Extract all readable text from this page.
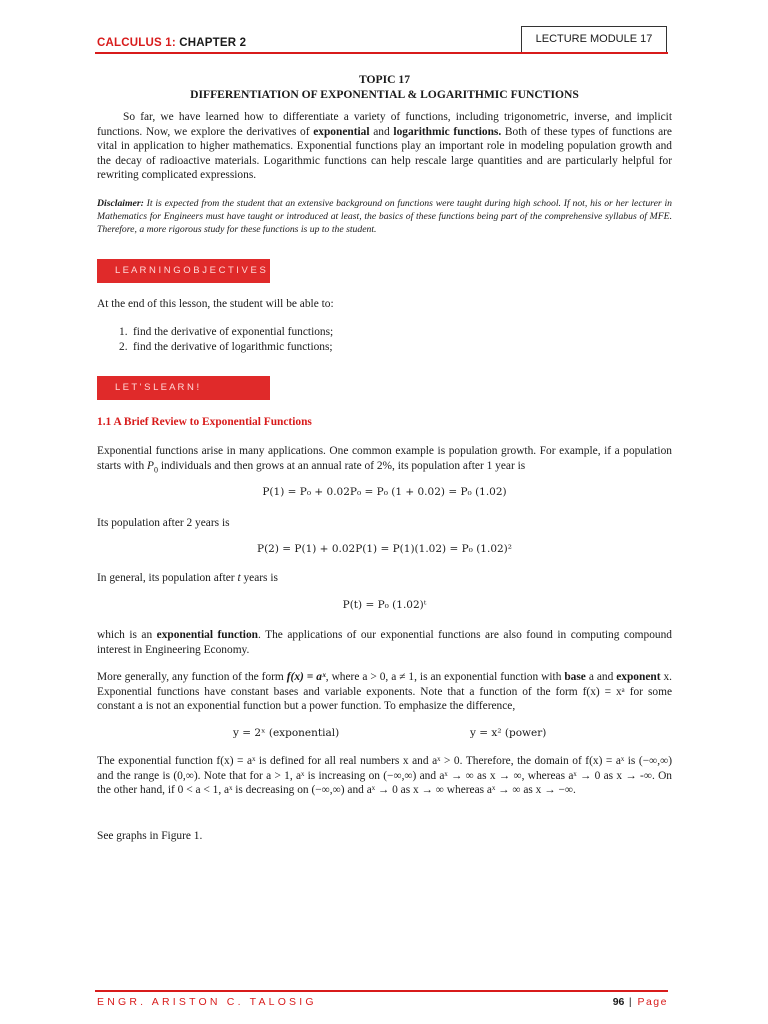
CALCULUS 1: CHAPTER 2	LECTURE MODULE 17
TOPIC 17
DIFFERENTIATION OF EXPONENTIAL & LOGARITHMIC FUNCTIONS
So far, we have learned how to differentiate a variety of functions, including trigonometric, inverse, and implicit functions. Now, we explore the derivatives of exponential and logarithmic functions. Both of these types of functions are vital in application to higher mathematics. Exponential functions play an important role in modeling population growth and the decay of radioactive materials. Logarithmic functions can help rescale large quantities and are particularly helpful for rewriting complicated expressions.
Disclaimer: It is expected from the student that an extensive background on functions were taught during high school. If not, his or her lecturer in Mathematics for Engineers must have taught or introduced at least, the basics of these functions being part of the comprehensive syllabus of MFE. Therefore, a more rigorous study for these functions is up to the student.
L E A R N I N G O B J E C T I V E S
At the end of this lesson, the student will be able to:
1. find the derivative of exponential functions;
2. find the derivative of logarithmic functions;
L E T ' S L E A R N !
1.1 A Brief Review to Exponential Functions
Exponential functions arise in many applications. One common example is population growth. For example, if a population starts with $P_0$ individuals and then grows at an annual rate of 2%, its population after 1 year is
P(1) = P₀ + 0.02P₀ = P₀ (1 + 0.02) = P₀ (1.02)
Its population after 2 years is
P(2) = P(1) + 0.02P(1) = P(1)(1.02) = P₀ (1.02)²
In general, its population after t years is
P(t) = P₀ (1.02)ᵗ
which is an exponential function. The applications of our exponential functions are also found in computing compound interest in Engineering Economy.
More generally, any function of the form f(x) = aˣ, where a > 0, a ≠ 1, is an exponential function with base a and exponent x. Exponential functions have constant bases and variable exponents. Note that a function of the form f(x) = xᵃ for some constant a is not an exponential function but a power function. To emphasize the difference,
y = 2ˣ (exponential)	y = x² (power)
The exponential function f(x) = aˣ is defined for all real numbers x and aˣ > 0. Therefore, the domain of f(x) = aˣ is (−∞,∞) and the range is (0,∞). Note that for a > 1, aˣ is increasing on (−∞,∞) and aˣ → ∞ as x → ∞, whereas aˣ → 0 as x → -∞. On the other hand, if 0 < a < 1, aˣ is decreasing on (−∞,∞) and aˣ → 0 as x → ∞ whereas aˣ → ∞ as x → −∞.
See graphs in Figure 1.
ENGR. ARISTON C. TALOSIG	96 | Page
